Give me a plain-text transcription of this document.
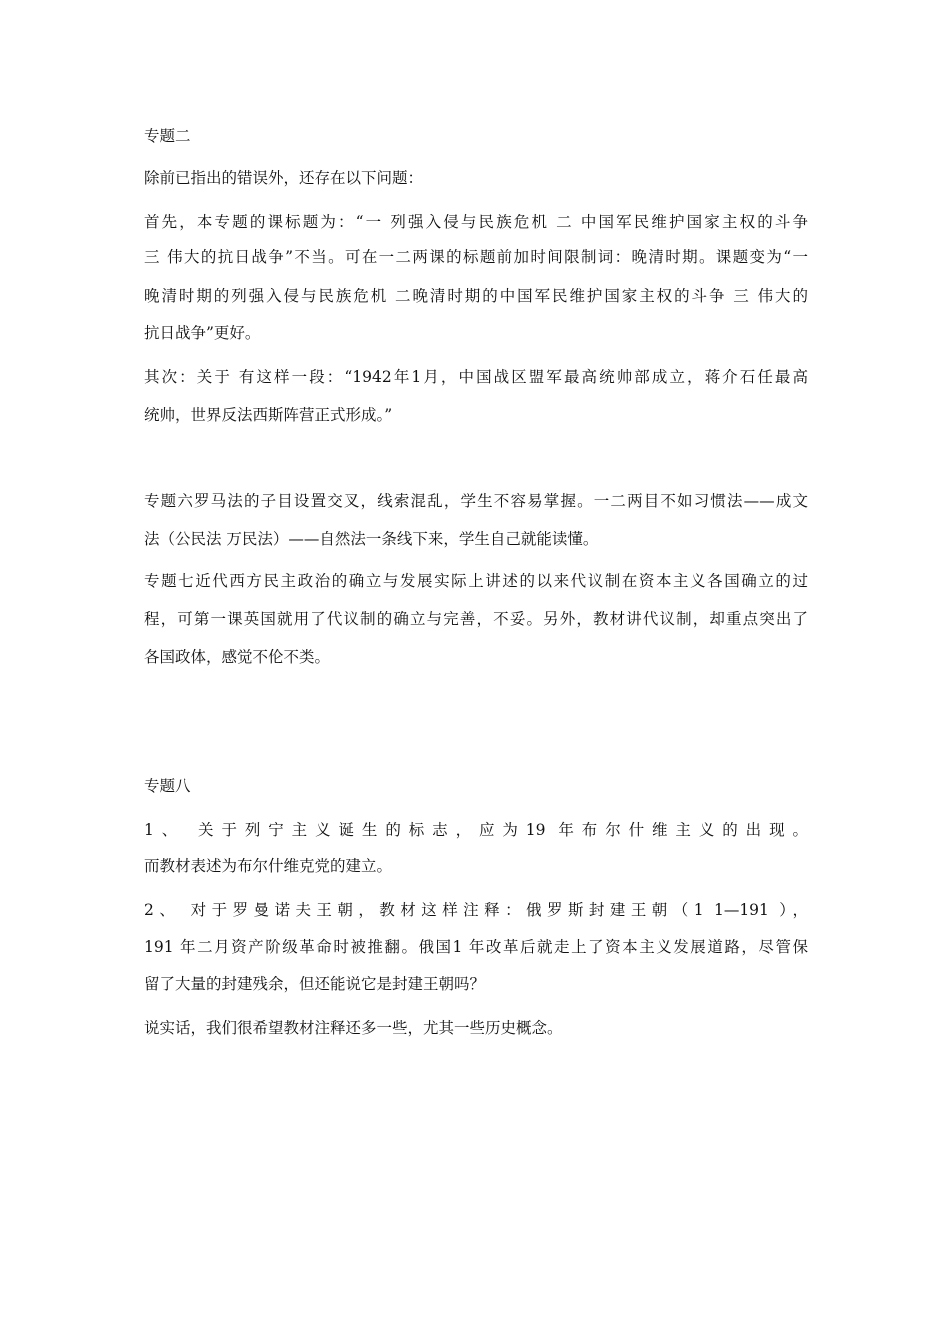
专题二
除前已指出的错误外，还存在以下问题：
首先，本专题的课标题为：“一 列强入侵与民族危机 二 中国军民维护国家主权的斗争
三 伟大的抗日战争”不当。可在一二两课的标题前加时间限制词：晚清时期。课题变为“一
晚清时期的列强入侵与民族危机 二晚清时期的中国军民维护国家主权的斗争 三 伟大的
抗日战争”更好。
其次：关于 有这样一段：“1942年1月，中国战区盟军最高统帅部成立，蒋介石任最高
统帅，世界反法西斯阵营正式形成。”
专题六罗马法的子目设置交叉，线索混乱，学生不容易掌握。一二两目不如习惯法——成文
法（公民法 万民法）——自然法一条线下来，学生自己就能读懂。
专题七近代西方民主政治的确立与发展实际上讲述的以来代议制在资本主义各国确立的过
程，可第一课英国就用了代议制的确立与完善，不妥。另外，教材讲代议制，却重点突出了
各国政体，感觉不伦不类。
专题八
1、 关于列宁主义诞生的标志，应为19 年布尔什维主义的出现。
而教材表述为布尔什维克党的建立。
2、 对于罗曼诺夫王朝，教材这样注释：俄罗斯封建王朝（1 1—191 ），
191 年二月资产阶级革命时被推翻。俄国1 年改革后就走上了资本主义发展道路，尽管保
留了大量的封建残余，但还能说它是封建王朝吗？
说实话，我们很希望教材注释还多一些，尤其一些历史概念。
